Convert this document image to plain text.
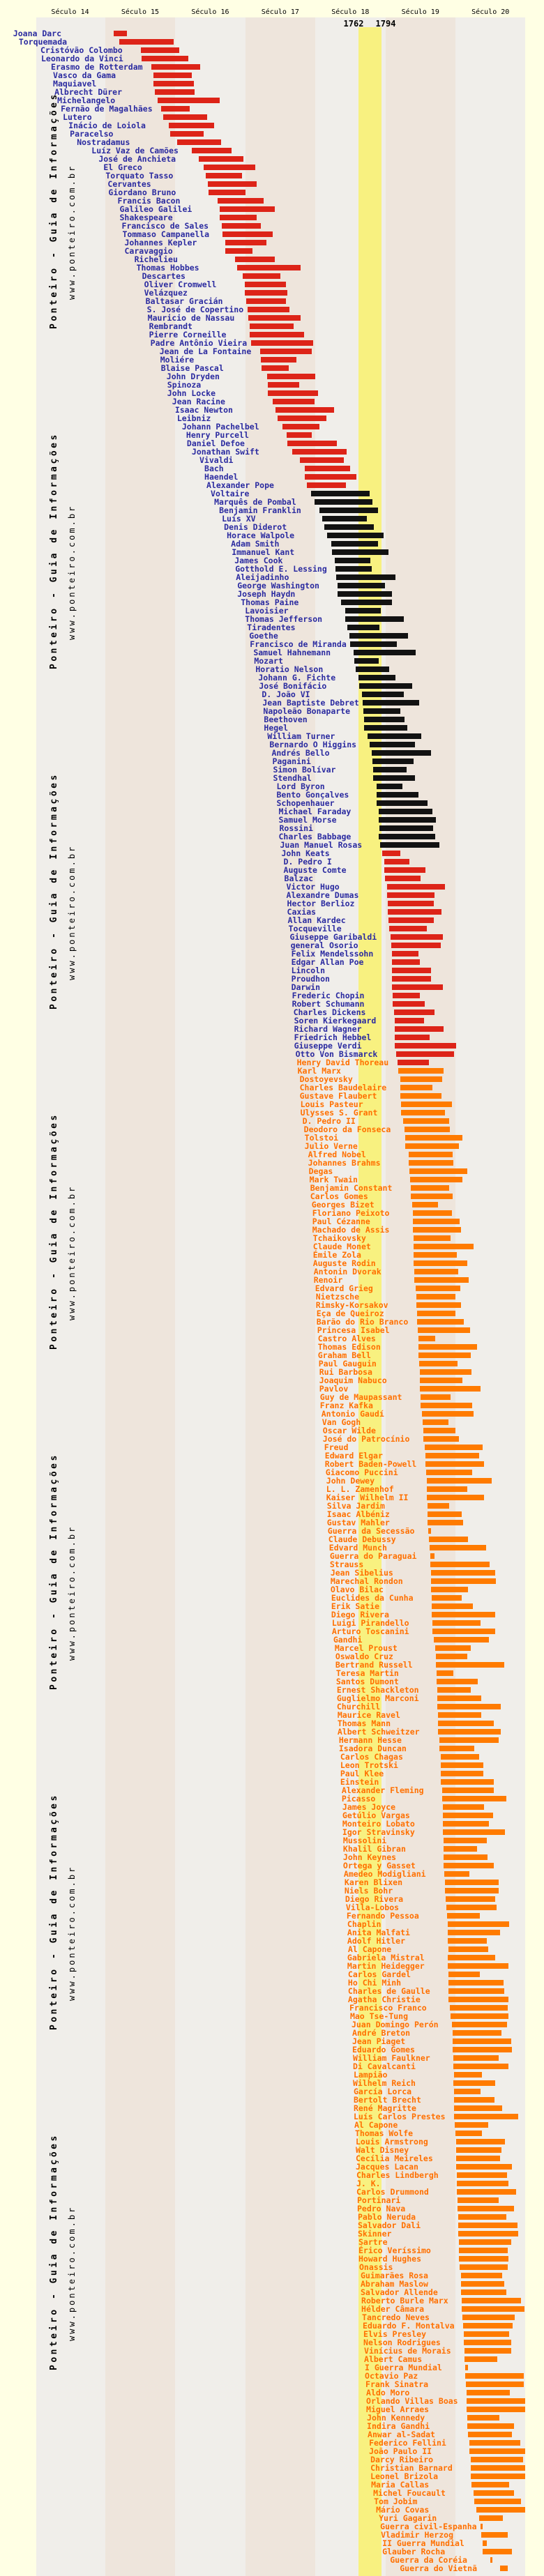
Século 14	Século 15	Século 16	Século 17	Século 18	Século 19	Século 20
1762 1794
Joana Darc
Torquemada
Cristóvão Colombo
Leonardo da Vinci
Erasmo de Rotterdam
Vasco da Gama
Maquiavel
Albrecht Dürer
Michelangelo
Fernão de Magalhães
Lutero
Inácio de Loiola
Paracelso
Nostradamus
Luíz Vaz de Camões
José de Anchieta
El Greco
Torquato Tasso
Cervantes
Giordano Bruno
Francis Bacon
Galileo Galilei
Shakespeare
Francisco de Sales
Tommaso Campanella
Johannes Kepler
Caravaggio
Richelieu
Thomas Hobbes
Descartes
Oliver Cromwell
Velázquez
Baltasar Gracián
S. José de Copertino
Mauricio de Nassau
Rembrandt
Pierre Corneille
Padre Antônio Vieira
Jean de La Fontaine
Moliére
Blaise Pascal
John Dryden
Spinoza
John Locke
Jean Racine
Isaac Newton
Leibniz
Johann Pachelbel
Henry Purcell
Daniel Defoe
Jonathan Swift
Vivaldi
Bach
Haendel
Alexander Pope
Voltaire
Marquês de Pombal
Benjamin Franklin
Luís XV
Denis Diderot
Horace Walpole
Adam Smith
Immanuel Kant
James Cook
Gotthold E. Lessing
Aleijadinho
George Washington
Joseph Haydn
Thomas Paine
Lavoisier
Thomas Jefferson
Tiradentes
Goethe
Francisco de Miranda
Samuel Hahnemann
Mozart
Horatio Nelson
Johann G. Fichte
José Bonifácio
D. João VI
Jean Baptiste Debret
Napoleão Bonaparte
Beethoven
Hegel
William Turner
Bernardo O Higgins
Andrés Bello
Paganini
Simon Bolívar
Stendhal
Lord Byron
Bento Gonçalves
Schopenhauer
Michael Faraday
Samuel Morse
Rossini
Charles Babbage
Juan Manuel Rosas
John Keats
D. Pedro I
Auguste Comte
Balzac
Victor Hugo
Alexandre Dumas
Hector Berlioz
Caxias
Allan Kardec
Tocqueville
Giuseppe Garibaldi
general Osorio
Felix Mendelssohn
Edgar Allan Poe
Lincoln
Proudhon
Darwin
Frederic Chopin
Robert Schumann
Charles Dickens
Soren Kierkegaard
Richard Wagner
Friedrich Hebbel
Giuseppe Verdi
Otto Von Bismarck
Henry David Thoreau
Karl Marx
Dostoyevsky
Charles Baudelaire
Gustave Flaubert
Louis Pasteur
Ulysses S. Grant
D. Pedro II
Deodoro da Fonseca
Tolstoi
Julio Verne
Alfred Nobel
Johannes Brahms
Degas
Mark Twain
Benjamin Constant
Carlos Gomes
Georges Bizet
Floriano Peixoto
Paul Cézanne
Machado de Assis
Tchaikovsky
Claude Monet
Émile Zola
Auguste Rodin
Antonin Dvorak
Renoir
Edvard Grieg
Nietzsche
Rimsky-Korsakov
Eça de Queiroz
Barão do Rio Branco
Princesa Isabel
Castro Alves
Thomas Edison
Graham Bell
Paul Gauguin
Rui Barbosa
Joaquim Nabuco
Pavlov
Guy de Maupassant
Franz Kafka
Antonio Gaudí
Van Gogh
Oscar Wilde
José do Patrocínio
Freud
Edward Elgar
Robert Baden-Powell
Giacomo Puccini
John Dewey
L. L. Zamenhof
Kaiser Wilhelm II
Silva Jardim
Isaac Albéniz
Gustav Mahler
Guerra da Secessão
Claude Debussy
Edvard Munch
Guerra do Paraguai
Strauss
Jean Sibelius
Marechal Rondon
Olavo Bilac
Euclides da Cunha
Erik Satie
Diego Rivera
Luigi Pirandello
Arturo Toscanini
Gandhi
Marcel Proust
Oswaldo Cruz
Bertrand Russell
Teresa Martin
Santos Dumont
Ernest Shackleton
Guglielmo Marconi
Churchill
Maurice Ravel
Thomas Mann
Albert Schweitzer
Hermann Hesse
Isadora Duncan
Carlos Chagas
Leon Trotski
Paul Klee
Einstein
Alexander Fleming
Picasso
James Joyce
Getúlio Vargas
Monteiro Lobato
Igor Stravinsky
Mussolini
Khalil Gibran
John Keynes
Ortega y Gasset
Amedeo Modigliani
Karen Blixen
Niels Bohr
Diego Rivera
Villa-Lobos
Fernando Pessoa
Chaplin
Anita Malfati
Adolf Hitler
Al Capone
Gabriela Mistral
Martin Heidegger
Carlos Gardel
Ho Chi Minh
Charles de Gaulle
Agatha Christie
Francisco Franco
Mao Tse-Tung
Juan Domingo Perón
André Breton
Jean Piaget
Eduardo Gomes
William Faulkner
Di Cavalcanti
Lampião
Wilhelm Reich
García Lorca
Bertolt Brecht
René Magritte
Luís Carlos Prestes
Al Capone
Thomas Wolfe
Louis Armstrong
Walt Disney
Cecília Meireles
Jacques Lacan
Charles Lindbergh
J. K.
Carlos Drummond
Portinari
Pedro Nava
Pablo Neruda
Salvador Dali
Skinner
Sartre
Érico Veríssimo
Howard Hughes
Onassis
Guimarães Rosa
Abraham Maslow
Salvador Allende
Roberto Burle Marx
Hélder Câmara
Tancredo Neves
Eduardo F. Montalva
Elvis Presley
Nelson Rodrigues
Vinícius de Morais
Albert Camus
I Guerra Mundial
Octavio Paz
Frank Sinatra
Aldo Moro
Orlando Villas Boas
Miguel Arraes
John Kennedy
Indira Gandhi
Anwar al-Sadat
Federico Fellini
João Paulo II
Darcy Ribeiro
Christian Barnard
Leonel Brizola
Maria Callas
Michel Foucault
Tom Jobim
Mário Covas
Yuri Gagarin
Guerra civil-Espanha
Vladimir Herzog
II Guerra Mundial
Glauber Rocha
Guerra da Coréia
Guerra do Vietnã
Ponteiro - Guia de Informações www.ponteiro.com.br
Ponteiro - Guia de Informações www.ponteiro.com.br
Ponteiro - Guia de Informações www.ponteiro.com.br
Ponteiro - Guia de Informações www.ponteiro.com.br
Ponteiro - Guia de Informações www.ponteiro.com.br
Ponteiro - Guia de Informações www.ponteiro.com.br
Ponteiro - Guia de Informações www.ponteiro.com.br
